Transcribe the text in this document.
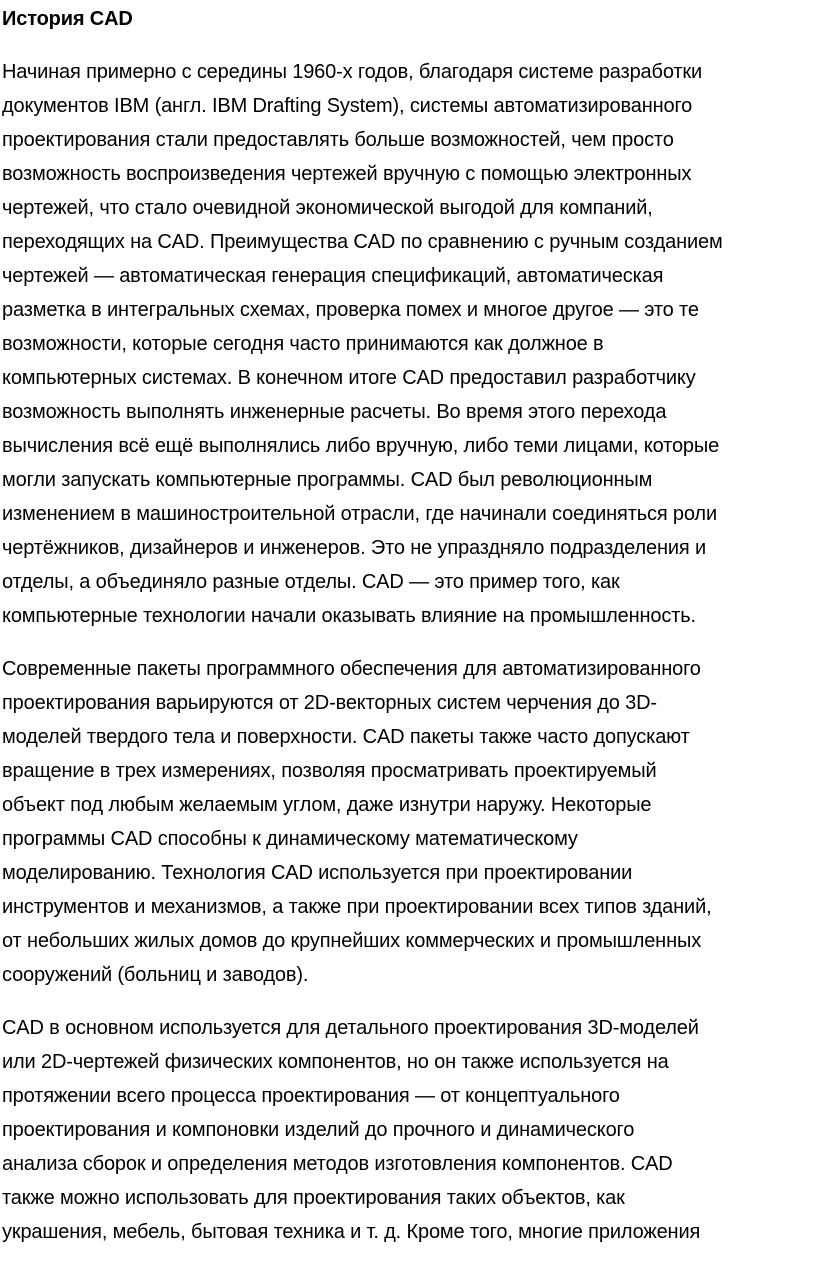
История CAD
Начиная примерно с середины 1960-х годов, благодаря системе разработки
документов IBM (англ. IBM Drafting System), системы автоматизированного
проектирования стали предоставлять больше возможностей, чем просто
возможность воспроизведения чертежей вручную с помощью электронных
чертежей, что стало очевидной экономической выгодой для компаний,
переходящих на CAD. Преимущества CAD по сравнению с ручным созданием
чертежей — автоматическая генерация спецификаций, автоматическая
разметка в интегральных схемах, проверка помех и многое другое — это те
возможности, которые сегодня часто принимаются как должное в
компьютерных системах. В конечном итоге CAD предоставил разработчику
возможность выполнять инженерные расчеты. Во время этого перехода
вычисления всё ещё выполнялись либо вручную, либо теми лицами, которые
могли запускать компьютерные программы. CAD был революционным
изменением в машиностроительной отрасли, где начинали соединяться роли
чертёжников, дизайнеров и инженеров. Это не упраздняло подразделения и
отделы, а объединяло разные отделы. CAD — это пример того, как
компьютерные технологии начали оказывать влияние на промышленность.
Современные пакеты программного обеспечения для автоматизированного
проектирования варьируются от 2D-векторных систем черчения до 3D-
моделей твердого тела и поверхности. CAD пакеты также часто допускают
вращение в трех измерениях, позволяя просматривать проектируемый
объект под любым желаемым углом, даже изнутри наружу. Некоторые
программы CAD способны к динамическому математическому
моделированию. Технология CAD используется при проектировании
инструментов и механизмов, а также при проектировании всех типов зданий,
от небольших жилых домов до крупнейших коммерческих и промышленных
сооружений (больниц и заводов).
CAD в основном используется для детального проектирования 3D-моделей
или 2D-чертежей физических компонентов, но он также используется на
протяжении всего процесса проектирования — от концептуального
проектирования и компоновки изделий до прочного и динамического
анализа сборок и определения методов изготовления компонентов. CAD
также можно использовать для проектирования таких объектов, как
украшения, мебель, бытовая техника и т. д. Кроме того, многие приложения
